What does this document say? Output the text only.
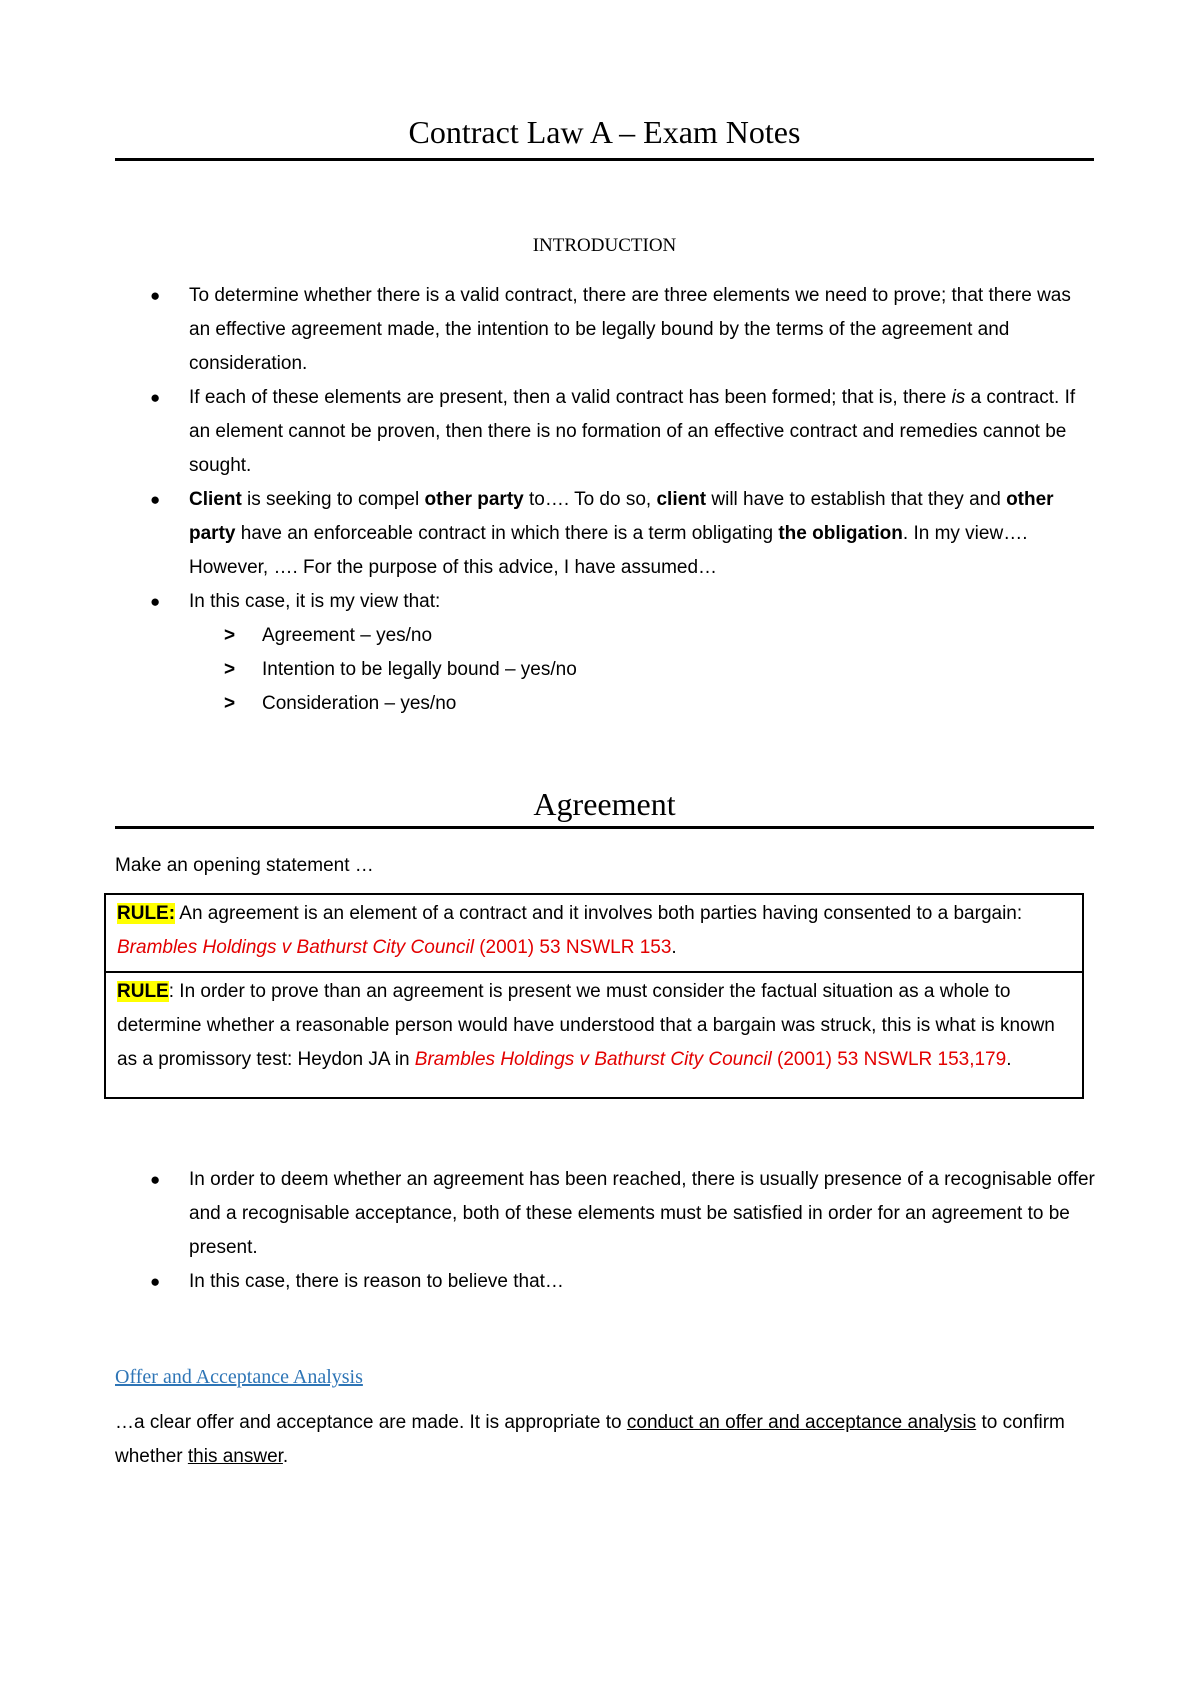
Contract Law A – Exam Notes
INTRODUCTION
● To determine whether there is a valid contract, there are three elements we need to prove; that there was an effective agreement made, the intention to be legally bound by the terms of the agreement and consideration.
● If each of these elements are present, then a valid contract has been formed; that is, there is a contract. If an element cannot be proven, then there is no formation of an effective contract and remedies cannot be sought.
● Client is seeking to compel other party to…. To do so, client will have to establish that they and other party have an enforceable contract in which there is a term obligating the obligation. In my view…. However, …. For the purpose of this advice, I have assumed…
● In this case, it is my view that:
> Agreement – yes/no
> Intention to be legally bound – yes/no
> Consideration – yes/no
Agreement

Make an opening statement …

RULE: An agreement is an element of a contract and it involves both parties having consented to a bargain: Brambles Holdings v Bathurst City Council (2001) 53 NSWLR 153.
RULE: In order to prove than an agreement is present we must consider the factual situation as a whole to determine whether a reasonable person would have understood that a bargain was struck, this is what is known as a promissory test: Heydon JA in Brambles Holdings v Bathurst City Council (2001) 53 NSWLR 153,179.
● In order to deem whether an agreement has been reached, there is usually presence of a recognisable offer and a recognisable acceptance, both of these elements must be satisfied in order for an agreement to be present.
● In this case, there is reason to believe that…

Offer and Acceptance Analysis

…a clear offer and acceptance are made. It is appropriate to conduct an offer and acceptance analysis to confirm whether this answer.
